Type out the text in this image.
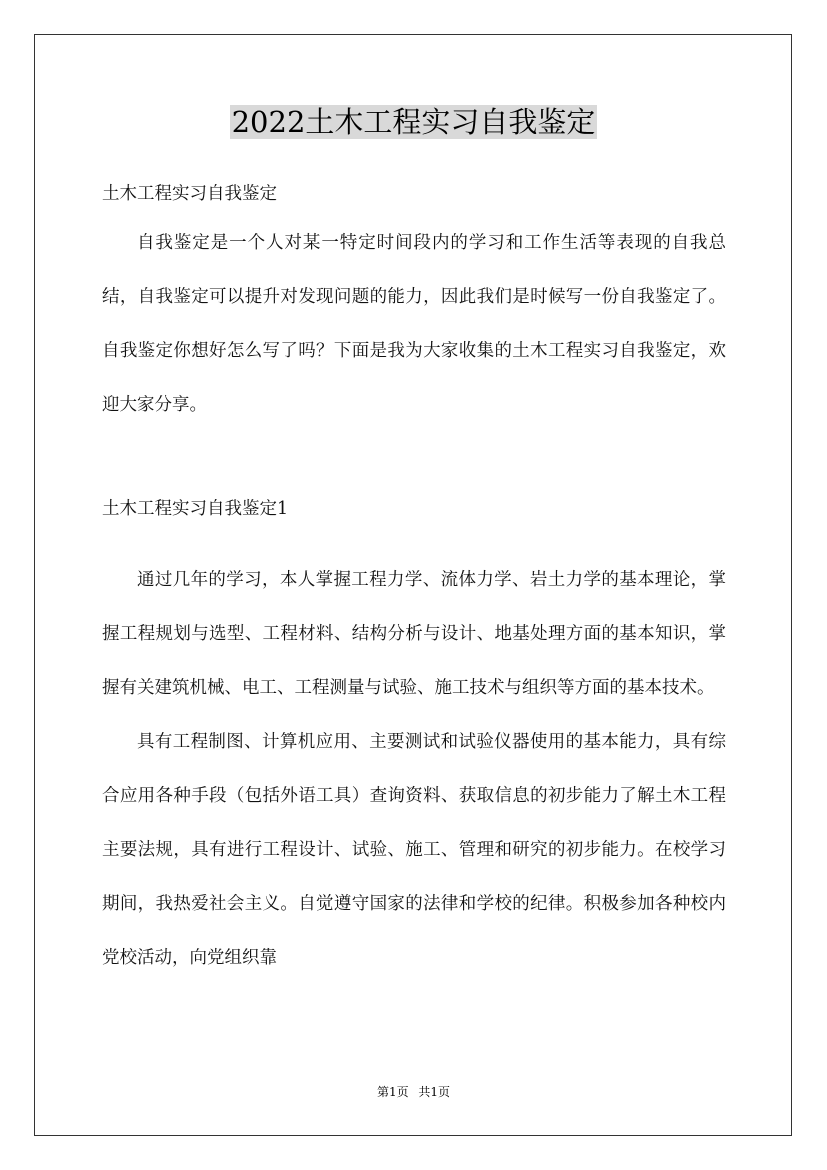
2022土木工程实习自我鉴定

土木工程实习自我鉴定

自我鉴定是一个人对某一特定时间段内的学习和工作生活等表现的自我总结，自我鉴定可以提升对发现问题的能力，因此我们是时候写一份自我鉴定了。自我鉴定你想好怎么写了吗？下面是我为大家收集的土木工程实习自我鉴定，欢迎大家分享。

土木工程实习自我鉴定1

通过几年的学习，本人掌握工程力学、流体力学、岩土力学的基本理论，掌握工程规划与选型、工程材料、结构分析与设计、地基处理方面的基本知识，掌握有关建筑机械、电工、工程测量与试验、施工技术与组织等方面的基本技术。

具有工程制图、计算机应用、主要测试和试验仪器使用的基本能力，具有综合应用各种手段（包括外语工具）查询资料、获取信息的初步能力了解土木工程主要法规，具有进行工程设计、试验、施工、管理和研究的初步能力。在校学习期间，我热爱社会主义。自觉遵守国家的法律和学校的纪律。积极参加各种校内党校活动，向党组织靠

第1页 共1页
